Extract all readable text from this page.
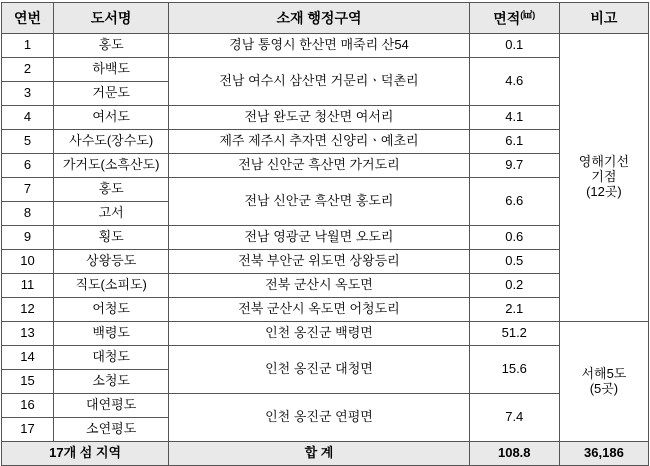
연번	도서명	소재 행정구역	면적(㎢)	비고
1	홍도	경남 통영시 한산면 매죽리 산54	0.1	영해기선
기점
(12곳)
2	하백도	전남 여수시 삼산면 거문리ㆍ덕촌리	4.6	
3	거문도			
4	여서도	전남 완도군 청산면 여서리	4.1	
5	사수도(장수도)	제주 제주시 추자면 신양리ㆍ예초리	6.1	
6	가거도(소흑산도)	전남 신안군 흑산면 가거도리	9.7	
7	홍도	전남 신안군 흑산면 홍도리	6.6	
8	고서			
9	횡도	전남 영광군 낙월면 오도리	0.6	
10	상왕등도	전북 부안군 위도면 상왕등리	0.5	
11	직도(소피도)	전북 군산시 옥도면	0.2	
12	어청도	전북 군산시 옥도면 어청도리	2.1	
13	백령도	인천 옹진군 백령면	51.2	서해5도
(5곳)
14	대청도	인천 옹진군 대청면	15.6	
15	소청도			
16	대연평도	인천 옹진군 연평면	7.4	
17	소연평도			
17개 섬 지역		합 계	108.8	36,186
